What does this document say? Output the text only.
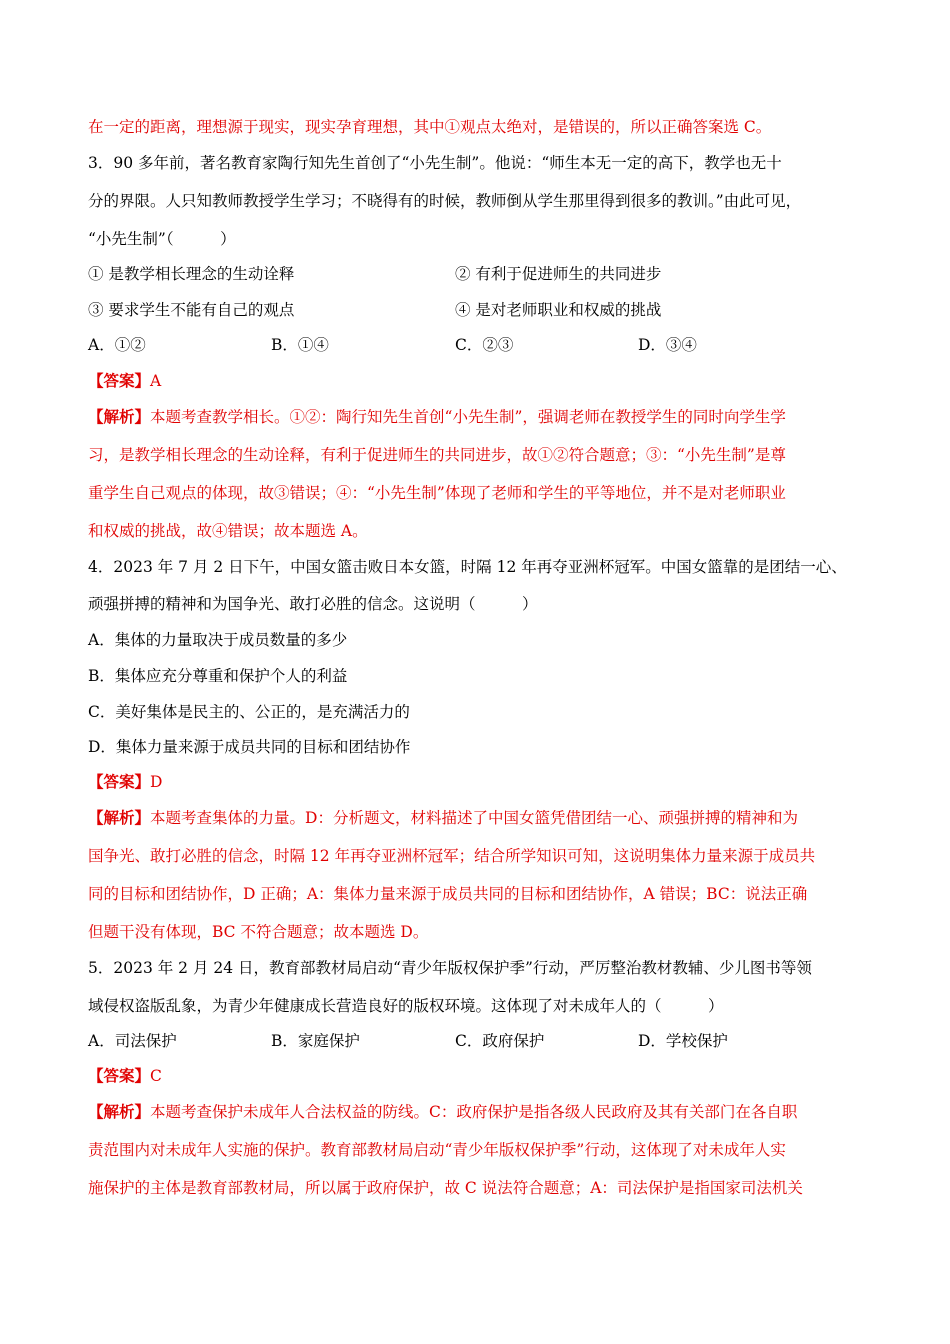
在一定的距离，理想源于现实，现实孕育理想，其中①观点太绝对，是错误的，所以正确答案选 C。
3．90 多年前，著名教育家陶行知先生首创了“小先生制”。他说：“师生本无一定的高下，教学也无十
分的界限。人只知教师教授学生学习；不晓得有的时候，教师倒从学生那里得到很多的教训。”由此可见，
“小先生制”（　　　）
① 是教学相长理念的生动诠释	② 有利于促进师生的共同进步
③ 要求学生不能有自己的观点	④ 是对老师职业和权威的挑战
A．①②	B．①④	C．②③	D．③④
【答案】A
【解析】本题考查教学相长。①②：陶行知先生首创“小先生制”，强调老师在教授学生的同时向学生学
习，是教学相长理念的生动诠释，有利于促进师生的共同进步，故①②符合题意；③：“小先生制”是尊
重学生自己观点的体现，故③错误；④：“小先生制”体现了老师和学生的平等地位，并不是对老师职业
和权威的挑战，故④错误；故本题选 A。
4．2023 年 7 月 2 日下午，中国女篮击败日本女篮，时隔 12 年再夺亚洲杯冠军。中国女篮靠的是团结一心、
顽强拼搏的精神和为国争光、敢打必胜的信念。这说明（　　　）
A．集体的力量取决于成员数量的多少
B．集体应充分尊重和保护个人的利益
C．美好集体是民主的、公正的，是充满活力的
D．集体力量来源于成员共同的目标和团结协作
【答案】D
【解析】本题考查集体的力量。D：分析题文，材料描述了中国女篮凭借团结一心、顽强拼搏的精神和为
国争光、敢打必胜的信念，时隔 12 年再夺亚洲杯冠军；结合所学知识可知，这说明集体力量来源于成员共
同的目标和团结协作，D 正确；A：集体力量来源于成员共同的目标和团结协作，A 错误；BC：说法正确
但题干没有体现，BC 不符合题意；故本题选 D。
5．2023 年 2 月 24 日，教育部教材局启动“青少年版权保护季”行动，严厉整治教材教辅、少儿图书等领
域侵权盗版乱象，为青少年健康成长营造良好的版权环境。这体现了对未成年人的（　　　）
A．司法保护	B．家庭保护	C．政府保护	D．学校保护
【答案】C
【解析】本题考查保护未成年人合法权益的防线。C：政府保护是指各级人民政府及其有关部门在各自职
责范围内对未成年人实施的保护。教育部教材局启动“青少年版权保护季”行动，这体现了对未成年人实
施保护的主体是教育部教材局，所以属于政府保护，故 C 说法符合题意；A：司法保护是指国家司法机关
